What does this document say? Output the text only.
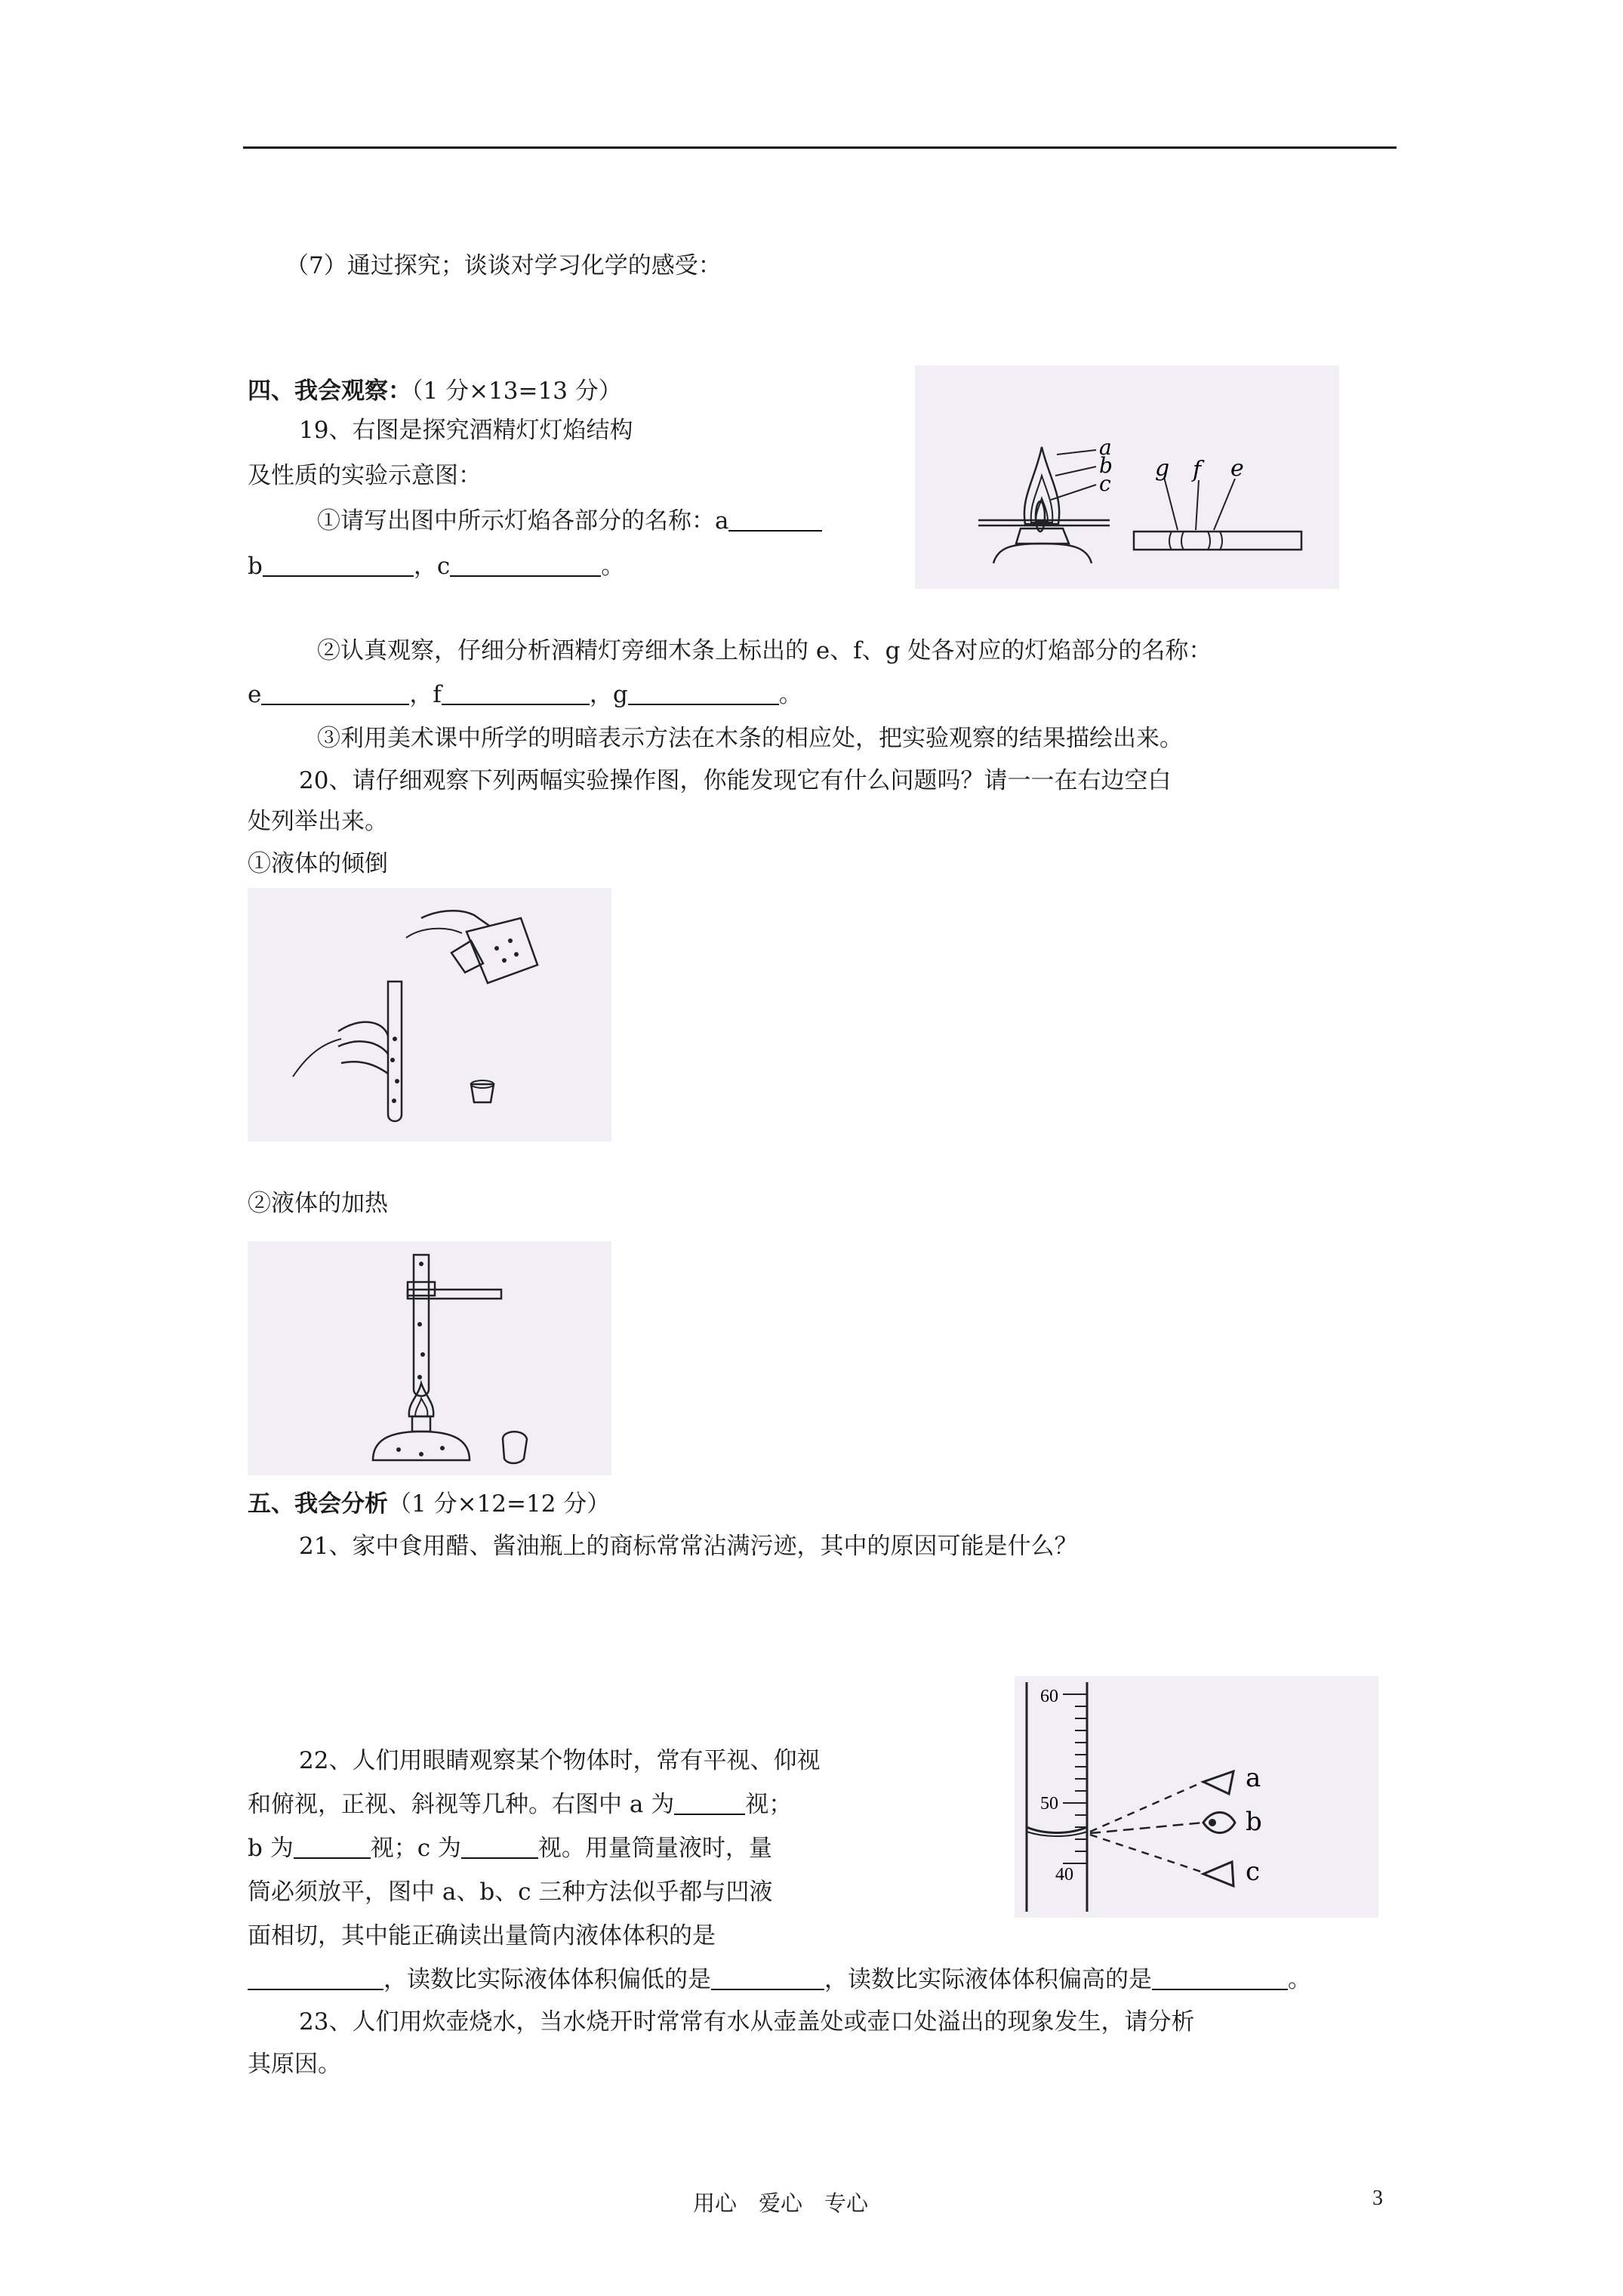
（7）通过探究；谈谈对学习化学的感受：
四、我会观察：（1 分×13=13 分）
19、右图是探究酒精灯灯焰结构
及性质的实验示意图：
①请写出图中所示灯焰各部分的名称：a
b	，c	。
②认真观察，仔细分析酒精灯旁细木条上标出的 e、f、g 处各对应的灯焰部分的名称：
e	，f	，g	。
③利用美术课中所学的明暗表示方法在木条的相应处，把实验观察的结果描绘出来。
20、请仔细观察下列两幅实验操作图，你能发现它有什么问题吗？请一一在右边空白
处列举出来。
①液体的倾倒
②液体的加热
五、我会分析（1 分×12=12 分）
21、家中食用醋、酱油瓶上的商标常常沾满污迹，其中的原因可能是什么？
22、人们用眼睛观察某个物体时，常有平视、仰视
和俯视，正视、斜视等几种。右图中 a 为	视；
b 为	视；c 为	视。用量筒量液时，量
筒必须放平，图中 a、b、c 三种方法似乎都与凹液
面相切，其中能正确读出量筒内液体体积的是
，读数比实际液体体积偏低的是	，读数比实际液体体积偏高的是	。
23、人们用炊壶烧水，当水烧开时常常有水从壶盖处或壶口处溢出的现象发生，请分析
其原因。
a
b
c
g f e
60
50
40
a
b
c
用心　爱心　专心	3
